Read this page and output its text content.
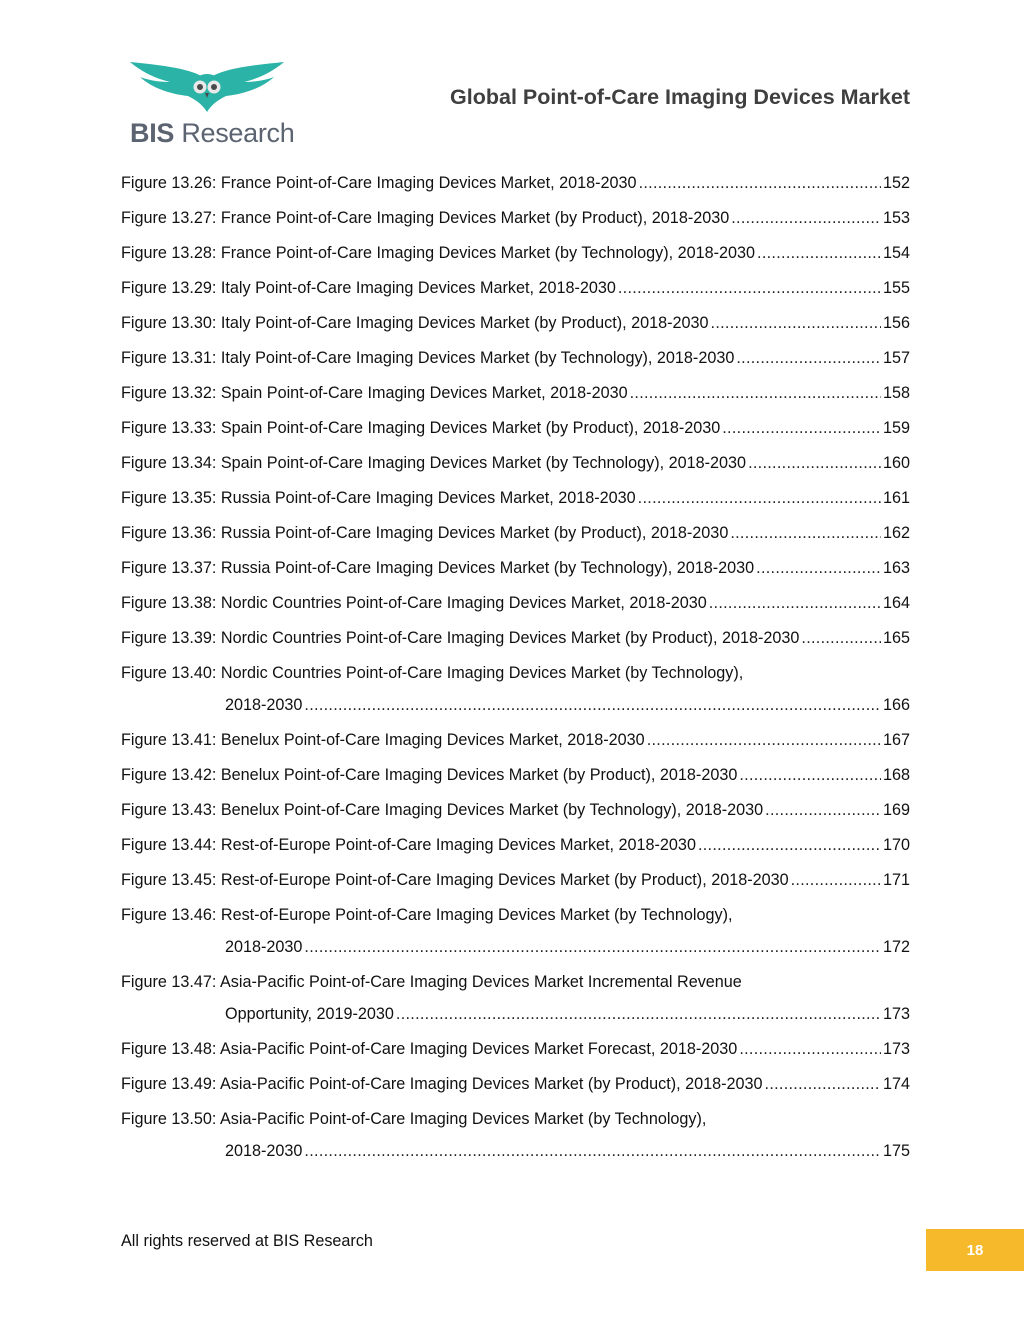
BIS Research
Global Point-of-Care Imaging Devices Market
Figure 13.26: France Point-of-Care Imaging Devices Market, 2018-2030 .....	152
Figure 13.27: France Point-of-Care Imaging Devices Market (by Product), 2018-2030 .....	153
Figure 13.28: France Point-of-Care Imaging Devices Market (by Technology), 2018-2030 .....	154
Figure 13.29: Italy Point-of-Care Imaging Devices Market, 2018-2030 .....	155
Figure 13.30: Italy Point-of-Care Imaging Devices Market (by Product), 2018-2030 .....	156
Figure 13.31: Italy Point-of-Care Imaging Devices Market (by Technology), 2018-2030 .....	157
Figure 13.32: Spain Point-of-Care Imaging Devices Market, 2018-2030 .....	158
Figure 13.33: Spain Point-of-Care Imaging Devices Market (by Product), 2018-2030 .....	159
Figure 13.34: Spain Point-of-Care Imaging Devices Market (by Technology), 2018-2030 .....	160
Figure 13.35: Russia Point-of-Care Imaging Devices Market, 2018-2030 .....	161
Figure 13.36: Russia Point-of-Care Imaging Devices Market (by Product), 2018-2030 .....	162
Figure 13.37: Russia Point-of-Care Imaging Devices Market (by Technology), 2018-2030 .....	163
Figure 13.38: Nordic Countries Point-of-Care Imaging Devices Market, 2018-2030 .....	164
Figure 13.39: Nordic Countries Point-of-Care Imaging Devices Market (by Product), 2018-2030 .....	165
Figure 13.40: Nordic Countries Point-of-Care Imaging Devices Market (by Technology),
2018-2030 .....	166
Figure 13.41: Benelux Point-of-Care Imaging Devices Market, 2018-2030 .....	167
Figure 13.42: Benelux Point-of-Care Imaging Devices Market (by Product), 2018-2030 .....	168
Figure 13.43: Benelux Point-of-Care Imaging Devices Market (by Technology), 2018-2030 .....	169
Figure 13.44: Rest-of-Europe Point-of-Care Imaging Devices Market, 2018-2030 .....	170
Figure 13.45: Rest-of-Europe Point-of-Care Imaging Devices Market (by Product), 2018-2030 .....	171
Figure 13.46: Rest-of-Europe Point-of-Care Imaging Devices Market (by Technology),
2018-2030 .....	172
Figure 13.47: Asia-Pacific Point-of-Care Imaging Devices Market Incremental Revenue
Opportunity, 2019-2030 .....	173
Figure 13.48: Asia-Pacific Point-of-Care Imaging Devices Market Forecast, 2018-2030 .....	173
Figure 13.49: Asia-Pacific Point-of-Care Imaging Devices Market (by Product), 2018-2030 .....	174
Figure 13.50: Asia-Pacific Point-of-Care Imaging Devices Market (by Technology),
2018-2030 .....	175
All rights reserved at BIS Research	18
